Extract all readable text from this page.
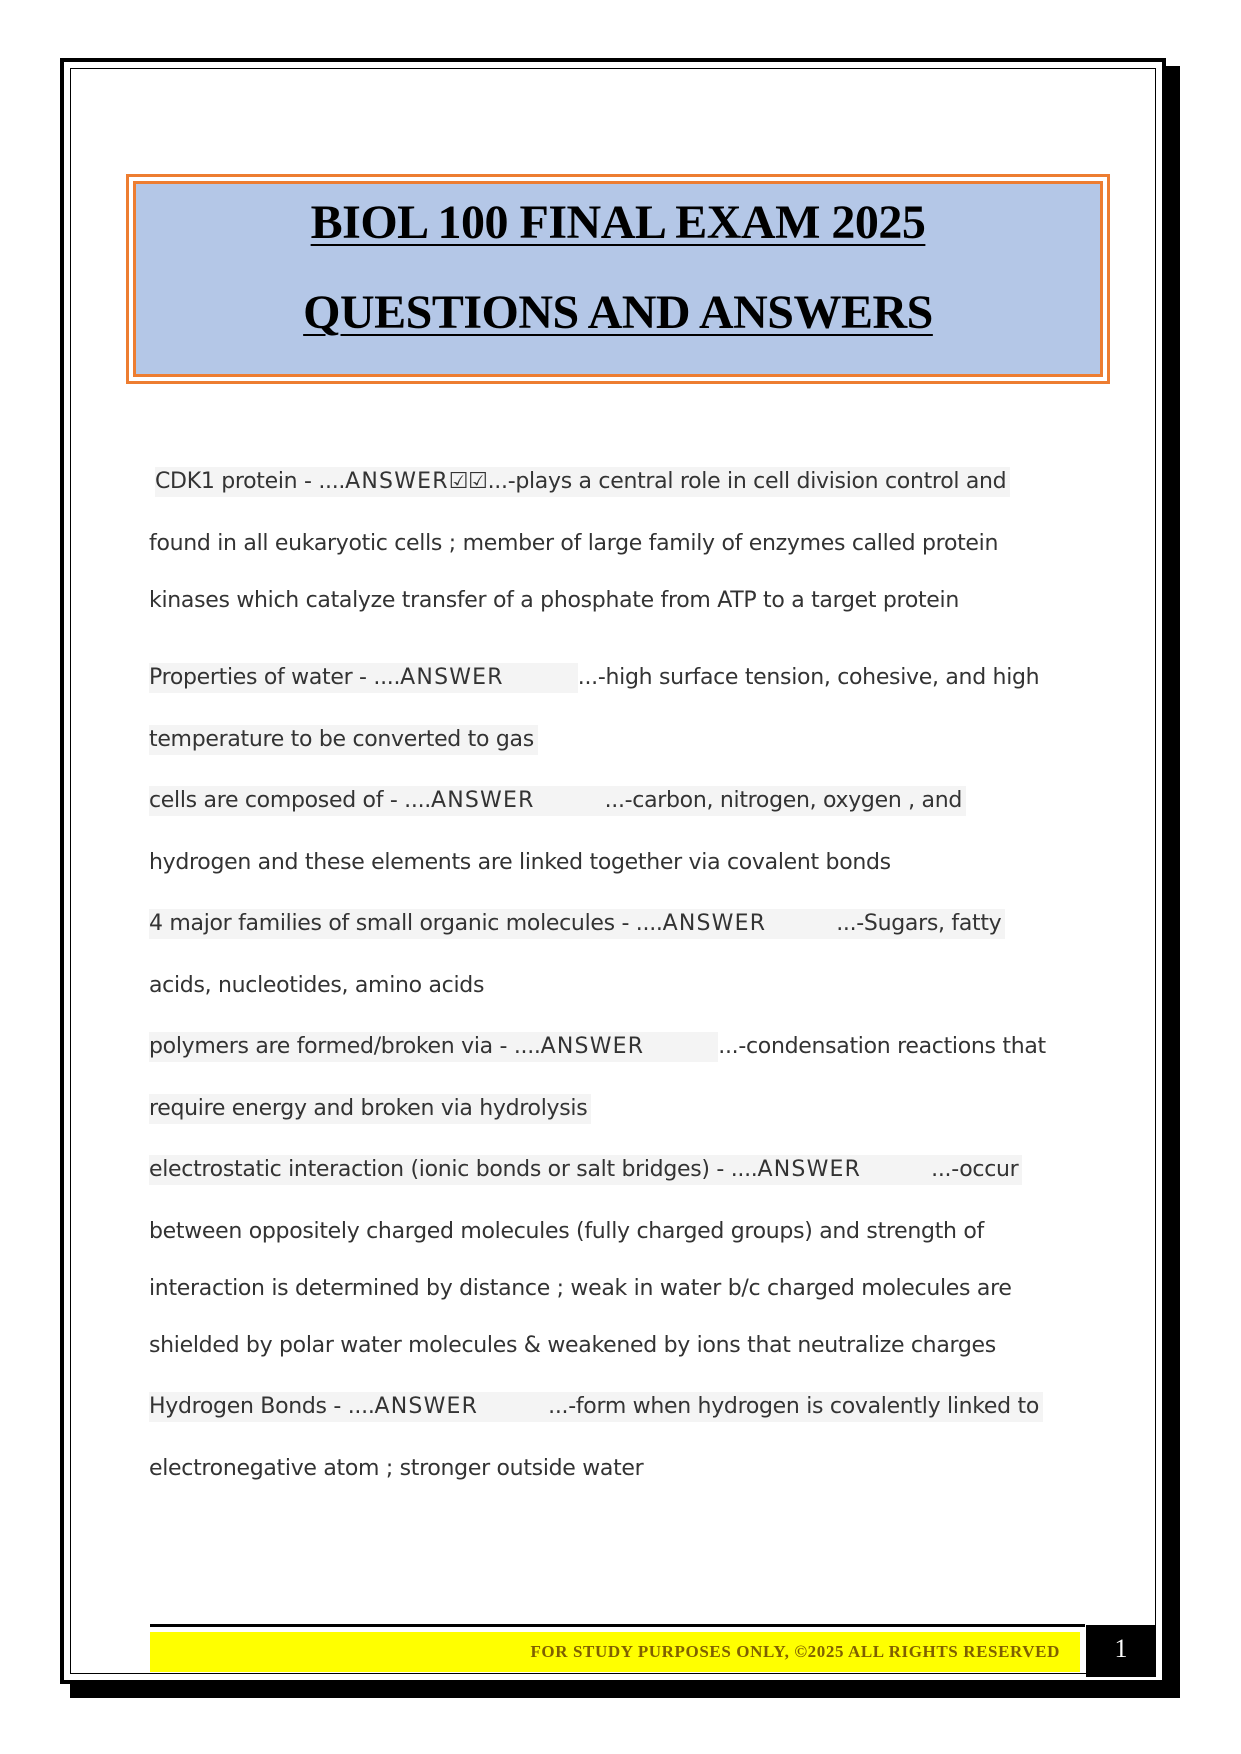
BIOL 100 FINAL EXAM 2025
QUESTIONS AND ANSWERS
CDK1 protein - ....ANSWER☑☑...-plays a central role in cell division control and
found in all eukaryotic cells ; member of large family of enzymes called protein
kinases which catalyze transfer of a phosphate from ATP to a target protein
Properties of water - ....ANSWER	...-high surface tension, cohesive, and high
temperature to be converted to gas
cells are composed of - ....ANSWER	...-carbon, nitrogen, oxygen , and
hydrogen and these elements are linked together via covalent bonds
4 major families of small organic molecules - ....ANSWER	...-Sugars, fatty
acids, nucleotides, amino acids
polymers are formed/broken via - ....ANSWER	...-condensation reactions that
require energy and broken via hydrolysis
electrostatic interaction (ionic bonds or salt bridges) - ....ANSWER	...-occur
between oppositely charged molecules (fully charged groups) and strength of
interaction is determined by distance ; weak in water b/c charged molecules are
shielded by polar water molecules & weakened by ions that neutralize charges
Hydrogen Bonds - ....ANSWER	...-form when hydrogen is covalently linked to
electronegative atom ; stronger outside water
FOR STUDY PURPOSES ONLY, ©2025 ALL RIGHTS RESERVED	1
